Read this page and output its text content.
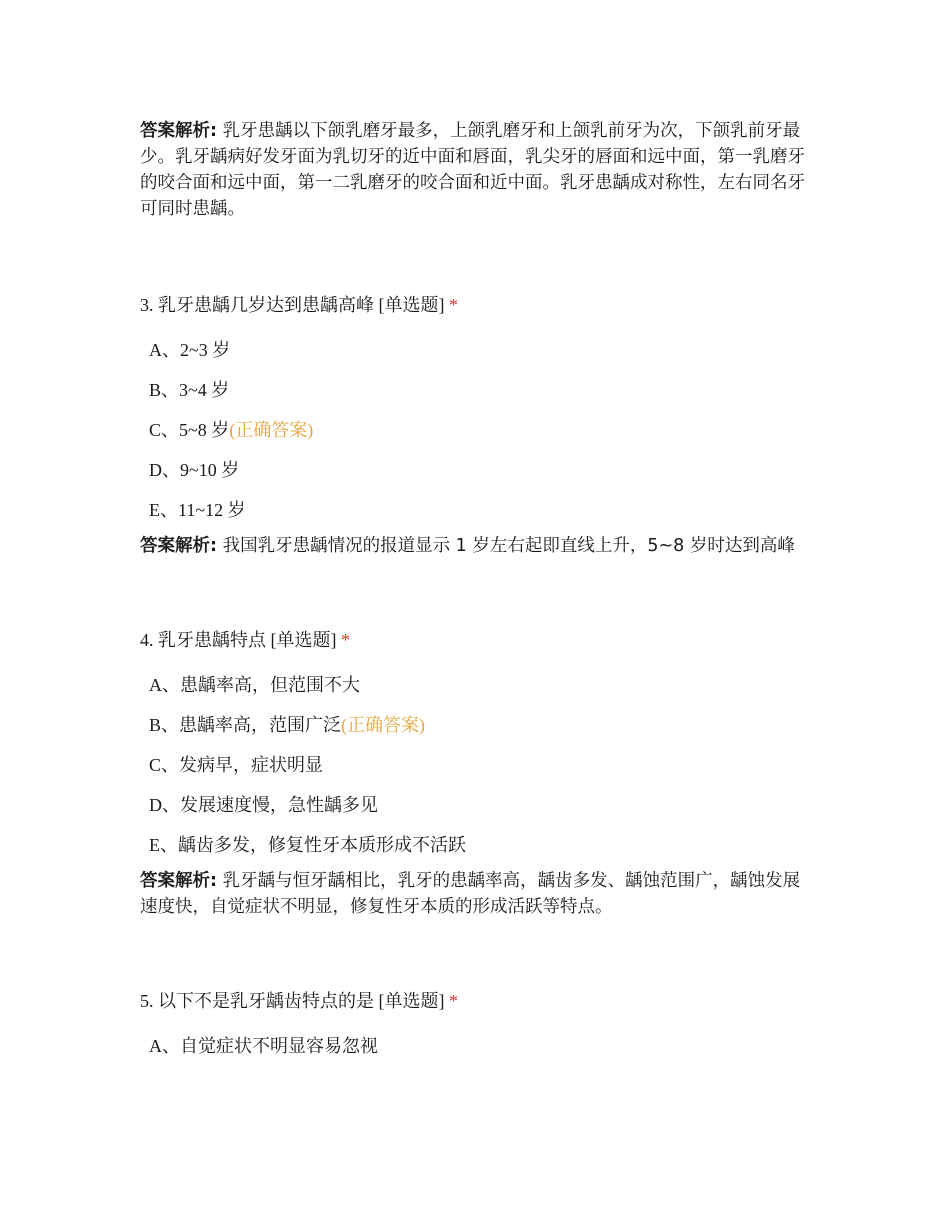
答案解析: 乳牙患龋以下颌乳磨牙最多，上颌乳磨牙和上颌乳前牙为次，下颌乳前牙最少。乳牙龋病好发牙面为乳切牙的近中面和唇面，乳尖牙的唇面和远中面，第一乳磨牙的咬合面和远中面，第一二乳磨牙的咬合面和近中面。乳牙患龋成对称性，左右同名牙可同时患龋。
3. 乳牙患龋几岁达到患龋高峰 [单选题] *
A、2~3 岁
B、3~4 岁
C、5~8 岁(正确答案)
D、9~10 岁
E、11~12 岁
答案解析: 我国乳牙患龋情况的报道显示 1 岁左右起即直线上升，5~8 岁时达到高峰
4. 乳牙患龋特点 [单选题] *
A、患龋率高，但范围不大
B、患龋率高，范围广泛(正确答案)
C、发病早，症状明显
D、发展速度慢，急性龋多见
E、龋齿多发，修复性牙本质形成不活跃
答案解析: 乳牙龋与恒牙龋相比，乳牙的患龋率高，龋齿多发、龋蚀范围广，龋蚀发展速度快，自觉症状不明显，修复性牙本质的形成活跃等特点。
5. 以下不是乳牙龋齿特点的是 [单选题] *
A、自觉症状不明显容易忽视
